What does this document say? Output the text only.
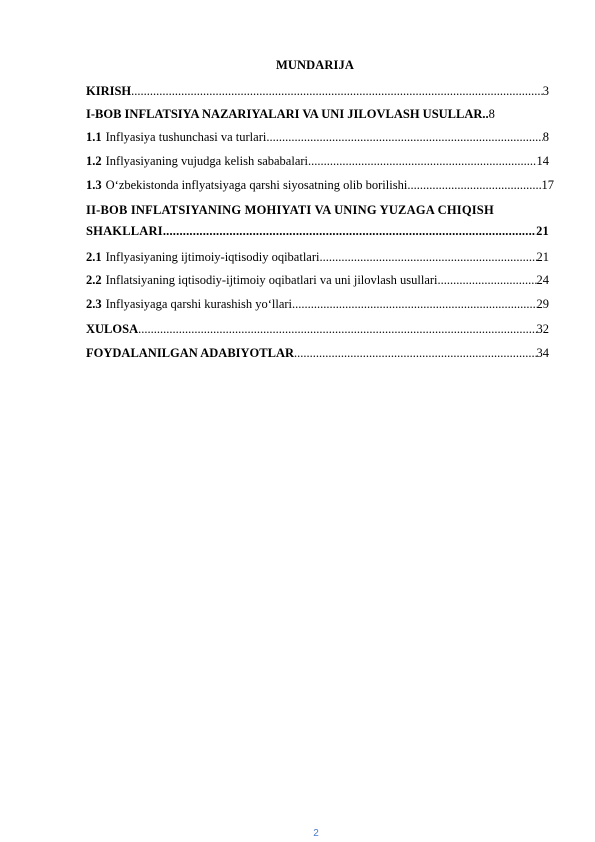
MUNDARIJA
KIRISH .....	3
I-BOB INFLATSIYA NAZARIYALARI VA UNI JILOVLASH USULLAR.. 8
1.1 Inflyasiya tushunchasi va turlari .....	8
1.2 Inflyasiyaning vujudga kelish sababalari .....	14
1.3 O‘zbekistonda inflyatsiyaga qarshi siyosatning olib borilishi .....	17
II-BOB INFLATSIYANING MOHIYATI VA UNING YUZAGA CHIQISH
SHAKLLARI .....	21
2.1 Inflyasiyaning ijtimoiy-iqtisodiy oqibatlari .....	21
2.2 Inflatsiyaning iqtisodiy-ijtimoiy oqibatlari va uni jilovlash usullari .....	24
2.3 Inflyasiyaga qarshi kurashish yo‘llari .....	29
XULOSA .....	32
FOYDALANILGAN ADABIYOTLAR .....	34
2
